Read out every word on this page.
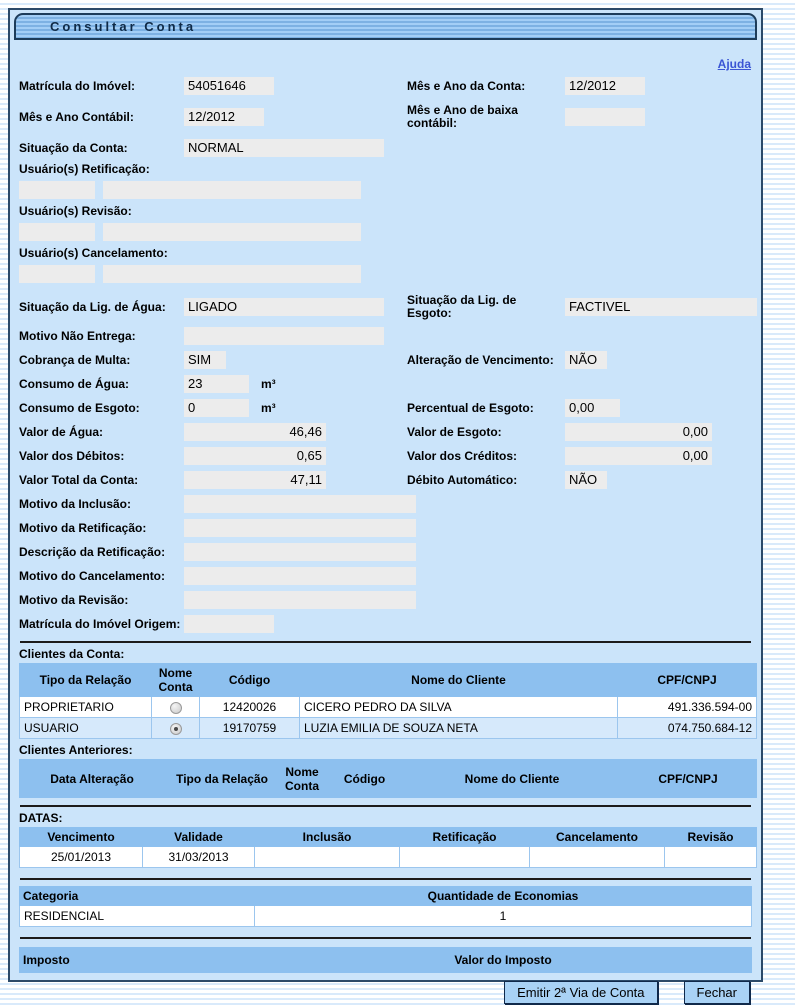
Consultar Conta
Ajuda
Matrícula do Imóvel:	54051646	Mês e Ano da Conta:	12/2012
Mês e Ano Contábil:	12/2012	Mês e Ano de baixa contábil:
Situação da Conta:	NORMAL
Usuário(s) Retificação:
Usuário(s) Revisão:
Usuário(s) Cancelamento:
Situação da Lig. de Água:	LIGADO	Situação da Lig. de Esgoto:	FACTIVEL
Motivo Não Entrega:
Cobrança de Multa:	SIM	Alteração de Vencimento:	NÃO
Consumo de Água:	23	m³
Consumo de Esgoto:	0	m³	Percentual de Esgoto:	0,00
Valor de Água:	46,46	Valor de Esgoto:	0,00
Valor dos Débitos:	0,65	Valor dos Créditos:	0,00
Valor Total da Conta:	47,11	Débito Automático:	NÃO
Motivo da Inclusão:
Motivo da Retificação:
Descrição da Retificação:
Motivo do Cancelamento:
Motivo da Revisão:
Matrícula do Imóvel Origem:
Clientes da Conta:
Tipo da Relação	Nome Conta	Código	Nome do Cliente	CPF/CNPJ
PROPRIETARIO		12420026	CICERO PEDRO DA SILVA	491.336.594-00
USUARIO		19170759	LUZIA EMILIA DE SOUZA NETA	074.750.684-12
Clientes Anteriores:
Data Alteração	Tipo da Relação	Nome Conta	Código	Nome do Cliente	CPF/CNPJ
DATAS:
Vencimento	Validade	Inclusão	Retificação	Cancelamento	Revisão
25/01/2013	31/03/2013				
Categoria	Quantidade de Economias
RESIDENCIAL	1
Imposto	Valor do Imposto
Emitir 2ª Via de Conta	Fechar
